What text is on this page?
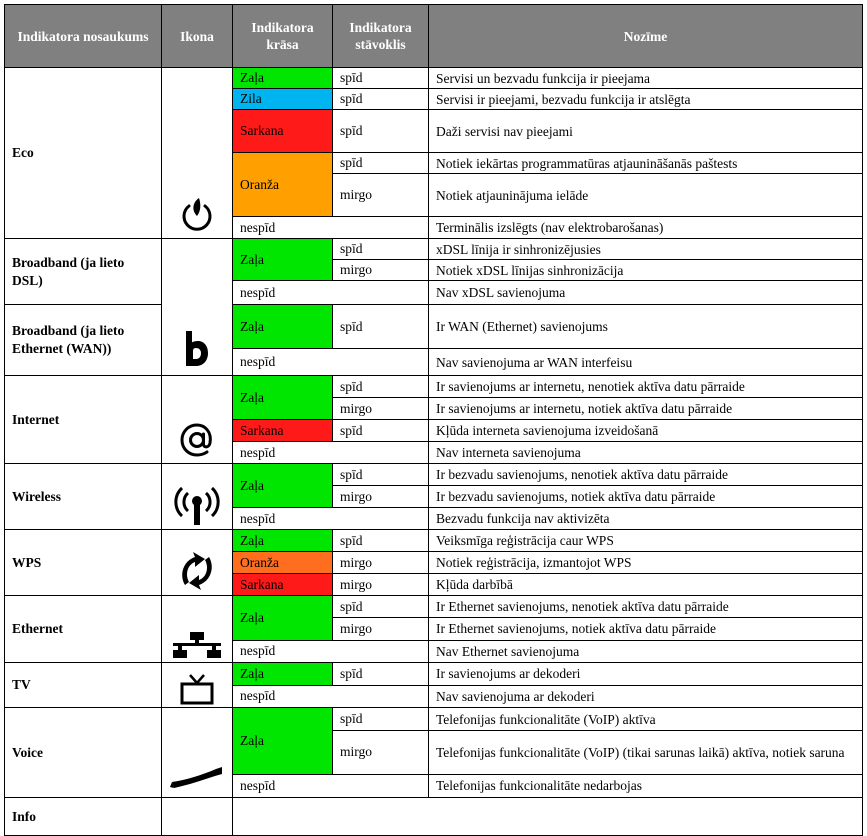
Indikatora nosaukums	Ikona	Indikatora krāsa	Indikatora stāvoklis	Nozīme
Eco		Zaļa	spīd	Servisi un bezvadu funkcija ir pieejama
		Zila	spīd	Servisi ir pieejami, bezvadu funkcija ir atslēgta
		Sarkana	spīd	Daži servisi nav pieejami
		Oranža	spīd	Notiek iekārtas programmatūras atjaunināšanās paštests
			mirgo	Notiek atjauninājuma ielāde
		nespīd		Terminālis izslēgts (nav elektrobarošanas)
Broadband (ja lieto DSL)		Zaļa	spīd	xDSL līnija ir sinhronizējusies
			mirgo	Notiek xDSL līnijas sinhronizācija
		nespīd		Nav xDSL savienojuma
Broadband (ja lieto Ethernet (WAN))		Zaļa	spīd	Ir WAN (Ethernet) savienojums
		nespīd		Nav savienojuma ar WAN interfeisu
Internet		Zaļa	spīd	Ir savienojums ar internetu, nenotiek aktīva datu pārraide
			mirgo	Ir savienojums ar internetu, notiek aktīva datu pārraide
		Sarkana	spīd	Kļūda interneta savienojuma izveidošanā
		nespīd		Nav interneta savienojuma
Wireless		Zaļa	spīd	Ir bezvadu savienojums, nenotiek aktīva datu pārraide
			mirgo	Ir bezvadu savienojums, notiek aktīva datu pārraide
		nespīd		Bezvadu funkcija nav aktivizēta
WPS		Zaļa	spīd	Veiksmīga reģistrācija caur WPS
		Oranža	mirgo	Notiek reģistrācija, izmantojot WPS
		Sarkana	mirgo	Kļūda darbībā
Ethernet		Zaļa	spīd	Ir Ethernet savienojums, nenotiek aktīva datu pārraide
			mirgo	Ir Ethernet savienojums, notiek aktīva datu pārraide
		nespīd		Nav Ethernet savienojuma
TV		Zaļa	spīd	Ir savienojums ar dekoderi
		nespīd		Nav savienojuma ar dekoderi
Voice		Zaļa	spīd	Telefonijas funkcionalitāte (VoIP) aktīva
			mirgo	Telefonijas funkcionalitāte (VoIP) (tikai sarunas laikā) aktīva, notiek saruna
		nespīd		Telefonijas funkcionalitāte nedarbojas
Info				
